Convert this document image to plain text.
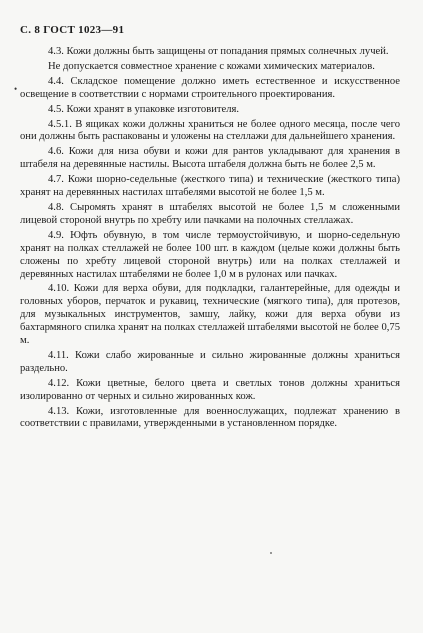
С. 8 ГОСТ 1023—91
•

4.3. Кожи должны быть защищены от попадания прямых солнечных лучей.

Не допускается совместное хранение с кожами химических материалов.

4.4. Складское помещение должно иметь естественное и искусственное освещение в соответствии с нормами строительного проектирования.

4.5. Кожи хранят в упаковке изготовителя.

4.5.1. В ящиках кожи должны храниться не более одного месяца, после чего они должны быть распакованы и уложены на стеллажи для дальнейшего хранения.

4.6. Кожи для низа обуви и кожи для рантов укладывают для хранения в штабеля на деревянные настилы. Высота штабеля должна быть не более 2,5 м.

4.7. Кожи шорно-седельные (жесткого типа) и технические (жесткого типа) хранят на деревянных настилах штабелями высотой не более 1,5 м.

4.8. Сыромять хранят в штабелях высотой не более 1,5 м сложенными лицевой стороной внутрь по хребту или пачками на полочных стеллажах.

4.9. Юфть обувную, в том числе термоустойчивую, и шорно-седельную хранят на полках стеллажей не более 100 шт. в каждом (целые кожи должны быть сложены по хребту лицевой стороной внутрь) или на полках стеллажей и деревянных настилах штабелями не более 1,0 м в рулонах или пачках.

4.10. Кожи для верха обуви, для подкладки, галантерейные, для одежды и головных уборов, перчаток и рукавиц, технические (мягкого типа), для протезов, для музыкальных инструментов, замшу, лайку, кожи для верха обуви из бахтармяного спилка хранят на полках стеллажей штабелями высотой не более 0,75 м.

4.11. Кожи слабо жированные и сильно жированные должны храниться раздельно.

4.12. Кожи цветные, белого цвета и светлых тонов должны храниться изолированно от черных и сильно жированных кож.

4.13. Кожи, изготовленные для военнослужащих, подлежат хранению в соответствии с правилами, утвержденными в установленном порядке.
